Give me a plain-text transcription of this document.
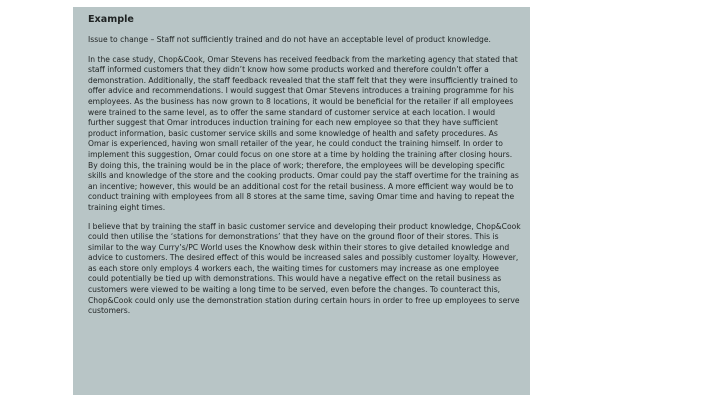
Example
Issue to change – Staff not sufficiently trained and do not have an acceptable level of product knowledge.
In the case study, Chop&Cook, Omar Stevens has received feedback from the marketing agency that stated that staff informed customers that they didn’t know how some products worked and therefore couldn’t offer a demonstration. Additionally, the staff feedback revealed that the staff felt that they were insufficiently trained to offer advice and recommendations. I would suggest that Omar Stevens introduces a training programme for his employees. As the business has now grown to 8 locations, it would be beneficial for the retailer if all employees were trained to the same level, as to offer the same standard of customer service at each location. I would further suggest that Omar introduces induction training for each new employee so that they have sufficient product information, basic customer service skills and some knowledge of health and safety procedures. As Omar is experienced, having won small retailer of the year, he could conduct the training himself. In order to implement this suggestion, Omar could focus on one store at a time by holding the training after closing hours. By doing this, the training would be in the place of work; therefore, the employees will be developing specific skills and knowledge of the store and the cooking products. Omar could pay the staff overtime for the training as an incentive; however, this would be an additional cost for the retail business. A more efficient way would be to conduct training with employees from all 8 stores at the same time, saving Omar time and having to repeat the training eight times.
I believe that by training the staff in basic customer service and developing their product knowledge, Chop&Cook could then utilise the ‘stations for demonstrations’ that they have on the ground floor of their stores. This is similar to the way Curry’s/PC World uses the Knowhow desk within their stores to give detailed knowledge and advice to customers. The desired effect of this would be increased sales and possibly customer loyalty. However, as each store only employs 4 workers each, the waiting times for customers may increase as one employee could potentially be tied up with demonstrations. This would have a negative effect on the retail business as customers were viewed to be waiting a long time to be served, even before the changes. To counteract this, Chop&Cook could only use the demonstration station during certain hours in order to free up employees to serve customers.
